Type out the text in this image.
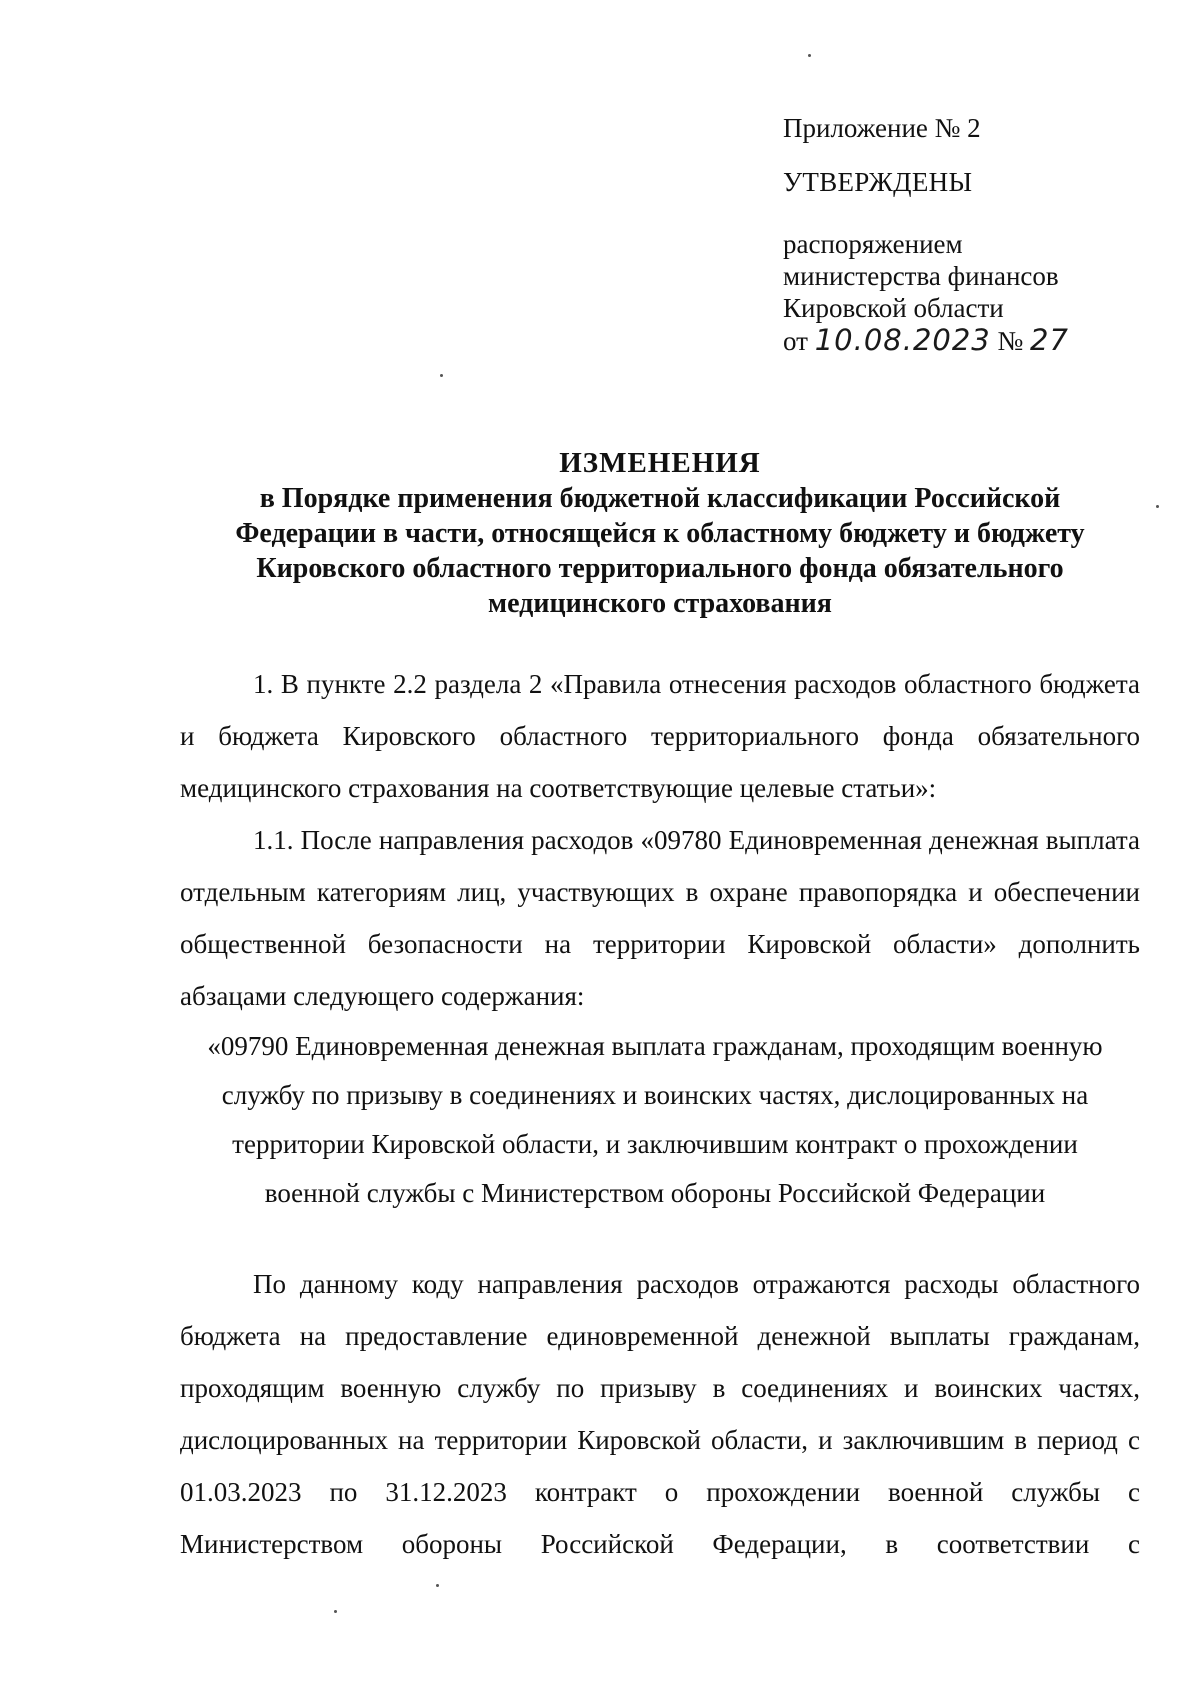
Приложение № 2
УТВЕРЖДЕНЫ
распоряжением
министерства финансов
Кировской области
от 10.08.2023 № 27
ИЗМЕНЕНИЯ
в Порядке применения бюджетной классификации Российской
Федерации в части, относящейся к областному бюджету и бюджету
Кировского областного территориального фонда обязательного
медицинского страхования

1. В пункте 2.2 раздела 2 «Правила отнесения расходов областного бюджета и бюджета Кировского областного территориального фонда обязательного медицинского страхования на соответствующие целевые статьи»:

1.1. После направления расходов «09780 Единовременная денежная выплата отдельным категориям лиц, участвующих в охране правопорядка и обеспечении общественной безопасности на территории Кировской области» дополнить абзацами следующего содержания:

«09790 Единовременная денежная выплата гражданам, проходящим военную
службу по призыву в соединениях и воинских частях, дислоцированных на
территории Кировской области, и заключившим контракт о прохождении
военной службы с Министерством обороны Российской Федерации

По данному коду направления расходов отражаются расходы областного бюджета на предоставление единовременной денежной выплаты гражданам, проходящим военную службу по призыву в соединениях и воинских частях, дислоцированных на территории Кировской области, и заключившим в период с 01.03.2023 по 31.12.2023 контракт о прохождении военной службы с Министерством обороны Российской Федерации, в соответствии с
